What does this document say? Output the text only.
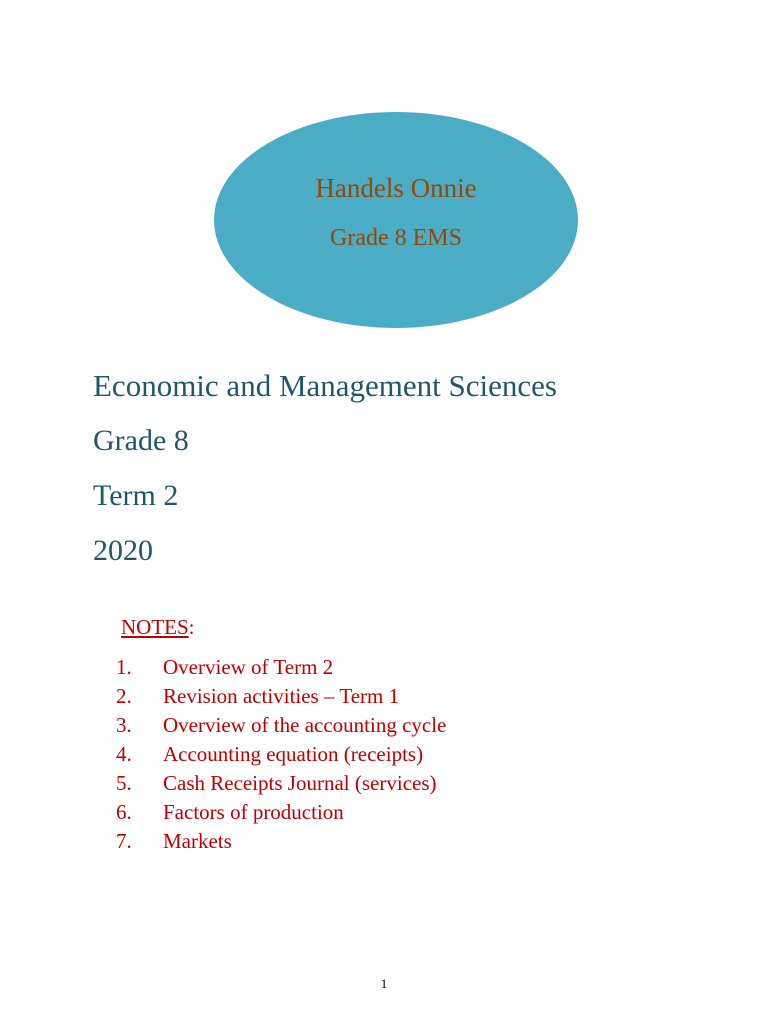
Handels Onnie
Grade 8 EMS
Economic and Management Sciences
Grade 8
Term 2
2020
NOTES:
1. Overview of Term 2
2. Revision activities – Term 1
3. Overview of the accounting cycle
4. Accounting equation (receipts)
5. Cash Receipts Journal (services)
6. Factors of production
7. Markets
1
